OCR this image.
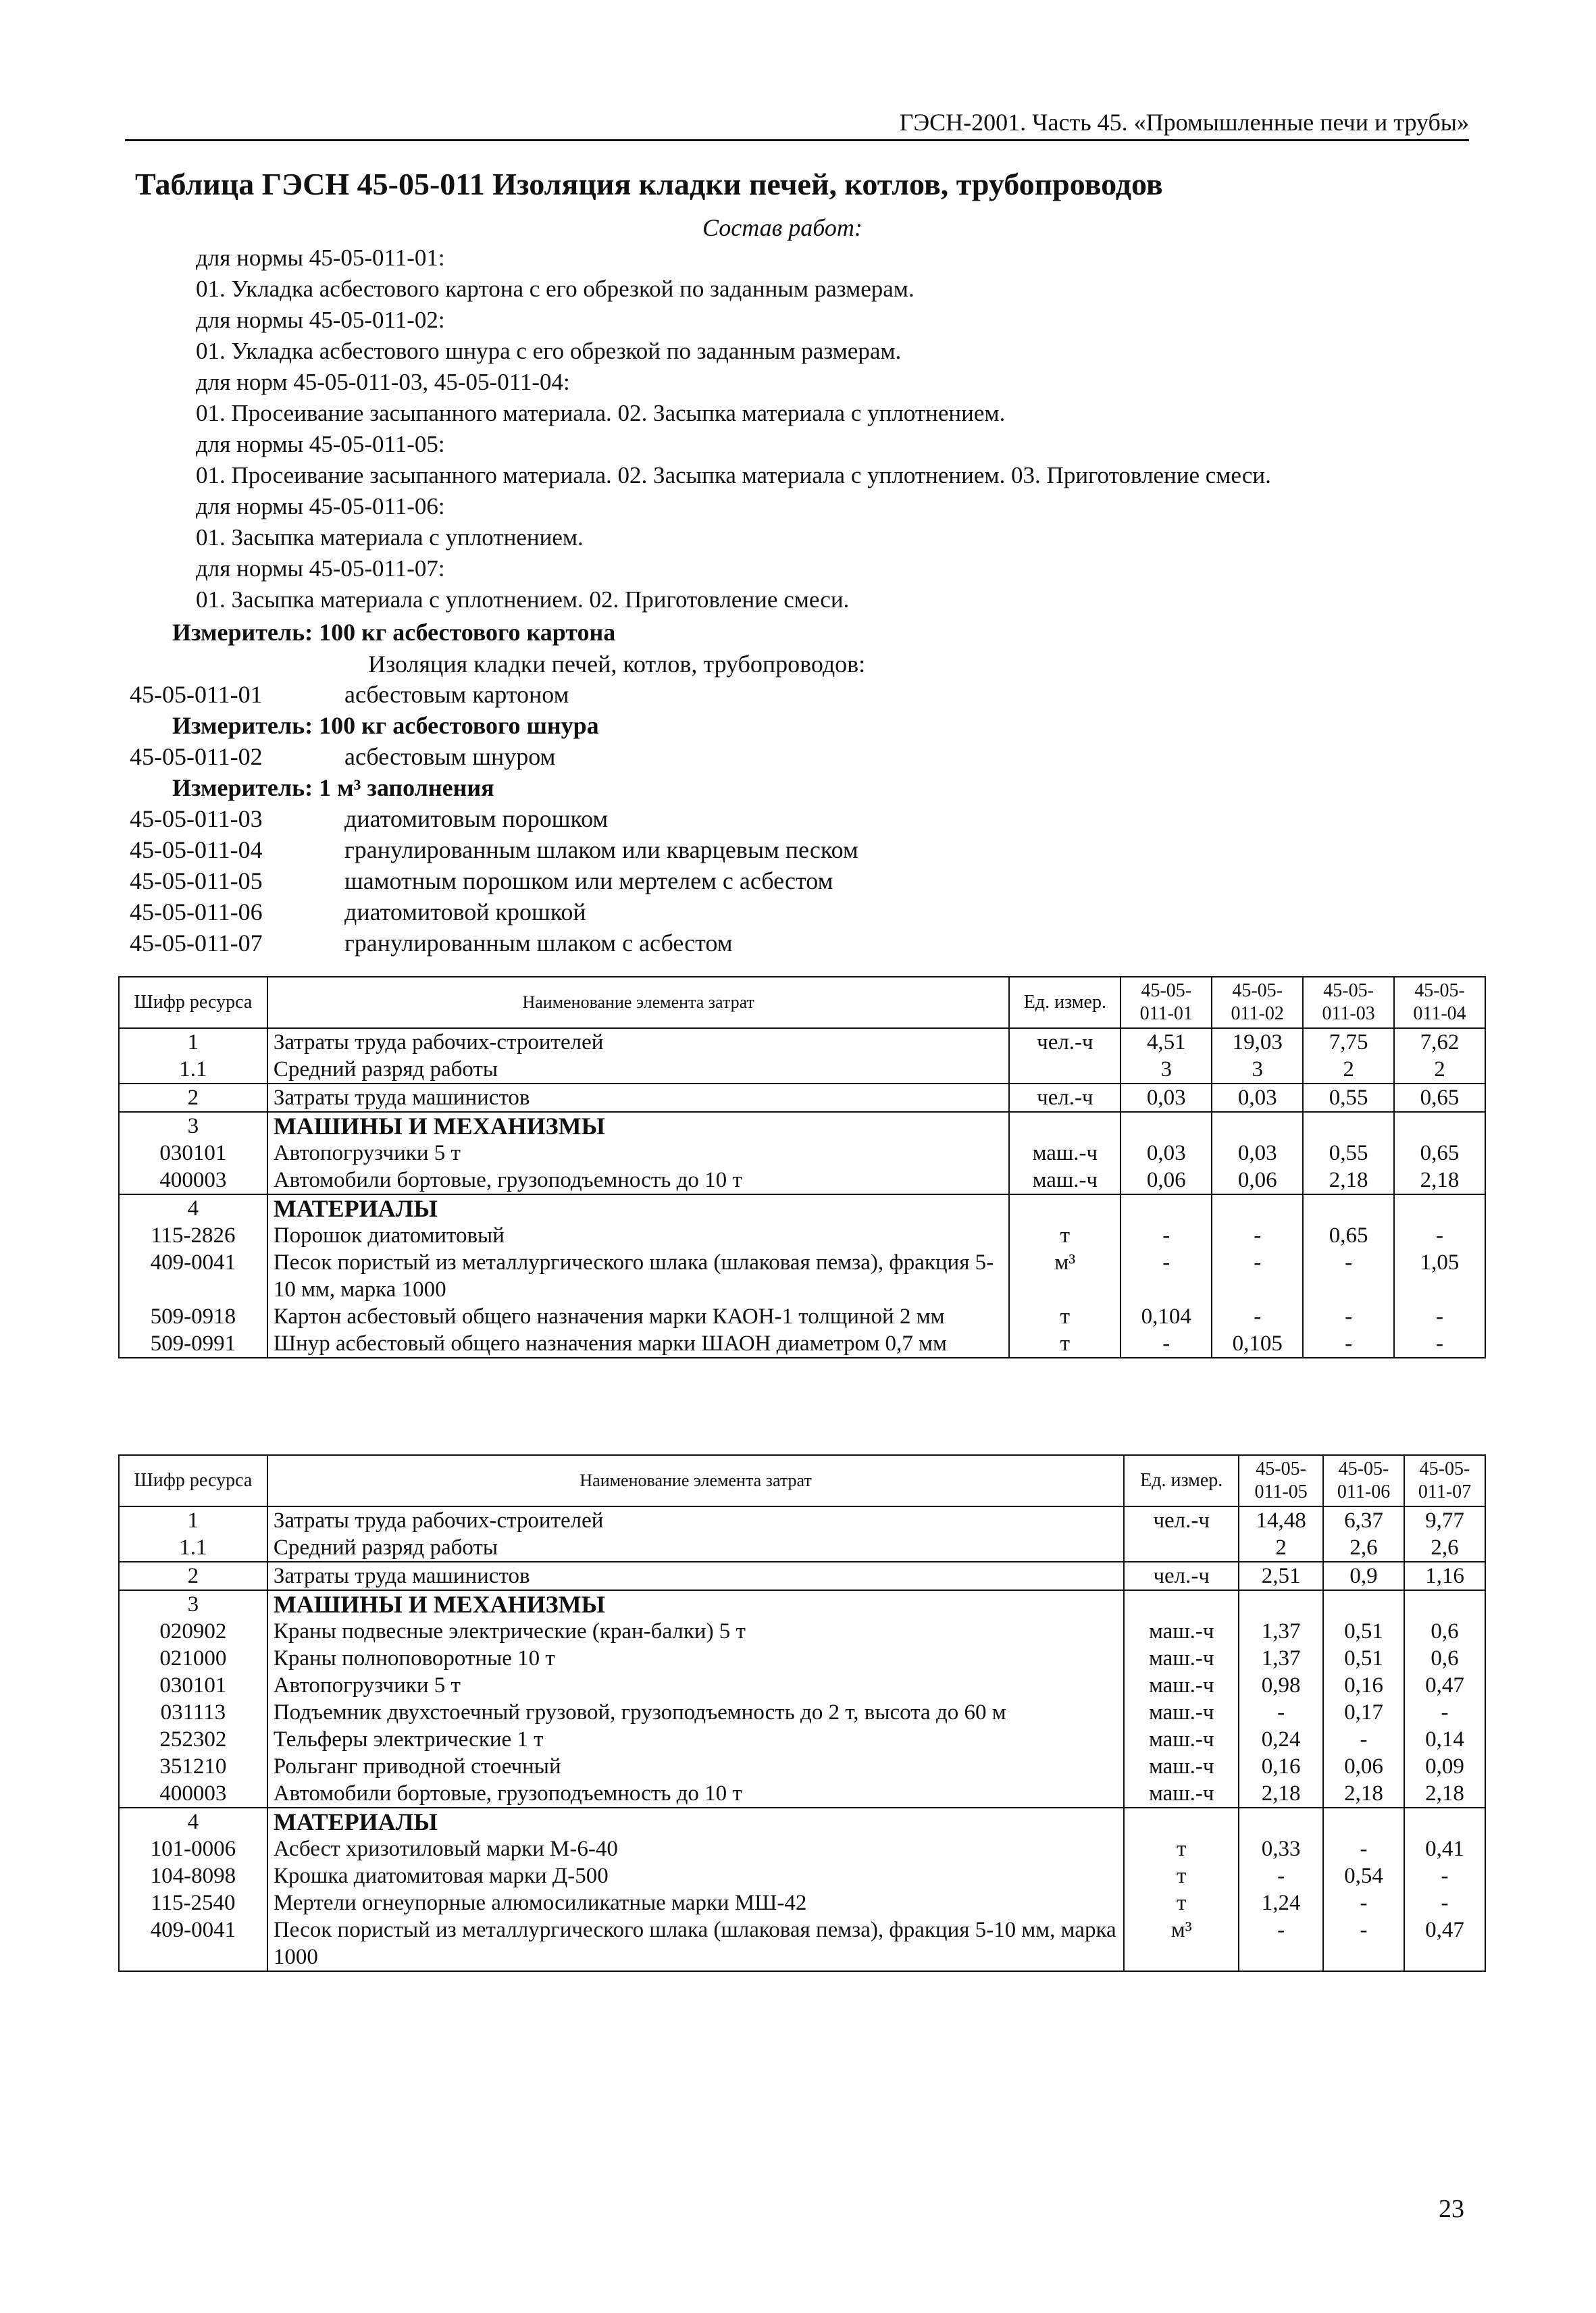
ГЭСН-2001. Часть 45. «Промышленные печи и трубы»
Таблица ГЭСН 45-05-011 Изоляция кладки печей, котлов, трубопроводов
Состав работ:
для нормы 45-05-011-01:
01. Укладка асбестового картона с его обрезкой по заданным размерам.
для нормы 45-05-011-02:
01. Укладка асбестового шнура с его обрезкой по заданным размерам.
для норм 45-05-011-03, 45-05-011-04:
01. Просеивание засыпанного материала. 02. Засыпка материала с уплотнением.
для нормы 45-05-011-05:
01. Просеивание засыпанного материала. 02. Засыпка материала с уплотнением. 03. Приготовление смеси.
для нормы 45-05-011-06:
01. Засыпка материала с уплотнением.
для нормы 45-05-011-07:
01. Засыпка материала с уплотнением. 02. Приготовление смеси.
Измеритель: 100 кг асбестового картона
Изоляция кладки печей, котлов, трубопроводов:
45-05-011-01	асбестовым картоном
Измеритель: 100 кг асбестового шнура
45-05-011-02	асбестовым шнуром
Измеритель: 1 м³ заполнения
45-05-011-03	диатомитовым порошком
45-05-011-04	гранулированным шлаком или кварцевым песком
45-05-011-05	шамотным порошком или мертелем с асбестом
45-05-011-06	диатомитовой крошкой
45-05-011-07	гранулированным шлаком с асбестом
Шифр ресурса	Наименование элемента затрат	Ед. измер.	45-05-011-01	45-05-011-02	45-05-011-03	45-05-011-04
1	Затраты труда рабочих-строителей	чел.-ч	4,51	19,03	7,75	7,62
1.1	Средний разряд работы		3	3	2	2
2	Затраты труда машинистов	чел.-ч	0,03	0,03	0,55	0,65
3	МАШИНЫ И МЕХАНИЗМЫ					
030101	Автопогрузчики 5 т	маш.-ч	0,03	0,03	0,55	0,65
400003	Автомобили бортовые, грузоподъемность до 10 т	маш.-ч	0,06	0,06	2,18	2,18
4	МАТЕРИАЛЫ					
115-2826	Порошок диатомитовый	т	-	-	0,65	-
409-0041	Песок пористый из металлургического шлака (шлаковая пемза), фракция 5-10 мм, марка 1000	м³	-	-	-	1,05
509-0918	Картон асбестовый общего назначения марки КАОН-1 толщиной 2 мм	т	0,104	-	-	-
509-0991	Шнур асбестовый общего назначения марки ШАОН диаметром 0,7 мм	т	-	0,105	-	-
Шифр ресурса	Наименование элемента затрат	Ед. измер.	45-05-011-05	45-05-011-06	45-05-011-07
1	Затраты труда рабочих-строителей	чел.-ч	14,48	6,37	9,77
1.1	Средний разряд работы		2	2,6	2,6
2	Затраты труда машинистов	чел.-ч	2,51	0,9	1,16
3	МАШИНЫ И МЕХАНИЗМЫ				
020902	Краны подвесные электрические (кран-балки) 5 т	маш.-ч	1,37	0,51	0,6
021000	Краны полноповоротные 10 т	маш.-ч	1,37	0,51	0,6
030101	Автопогрузчики 5 т	маш.-ч	0,98	0,16	0,47
031113	Подъемник двухстоечный грузовой, грузоподъемность до 2 т, высота до 60 м	маш.-ч	-	0,17	-
252302	Тельферы электрические 1 т	маш.-ч	0,24	-	0,14
351210	Рольганг приводной стоечный	маш.-ч	0,16	0,06	0,09
400003	Автомобили бортовые, грузоподъемность до 10 т	маш.-ч	2,18	2,18	2,18
4	МАТЕРИАЛЫ				
101-0006	Асбест хризотиловый марки М-6-40	т	0,33	-	0,41
104-8098	Крошка диатомитовая марки Д-500	т	-	0,54	-
115-2540	Мертели огнеупорные алюмосиликатные марки МШ-42	т	1,24	-	-
409-0041	Песок пористый из металлургического шлака (шлаковая пемза), фракция 5-10 мм, марка 1000	м³	-	-	0,47
23
